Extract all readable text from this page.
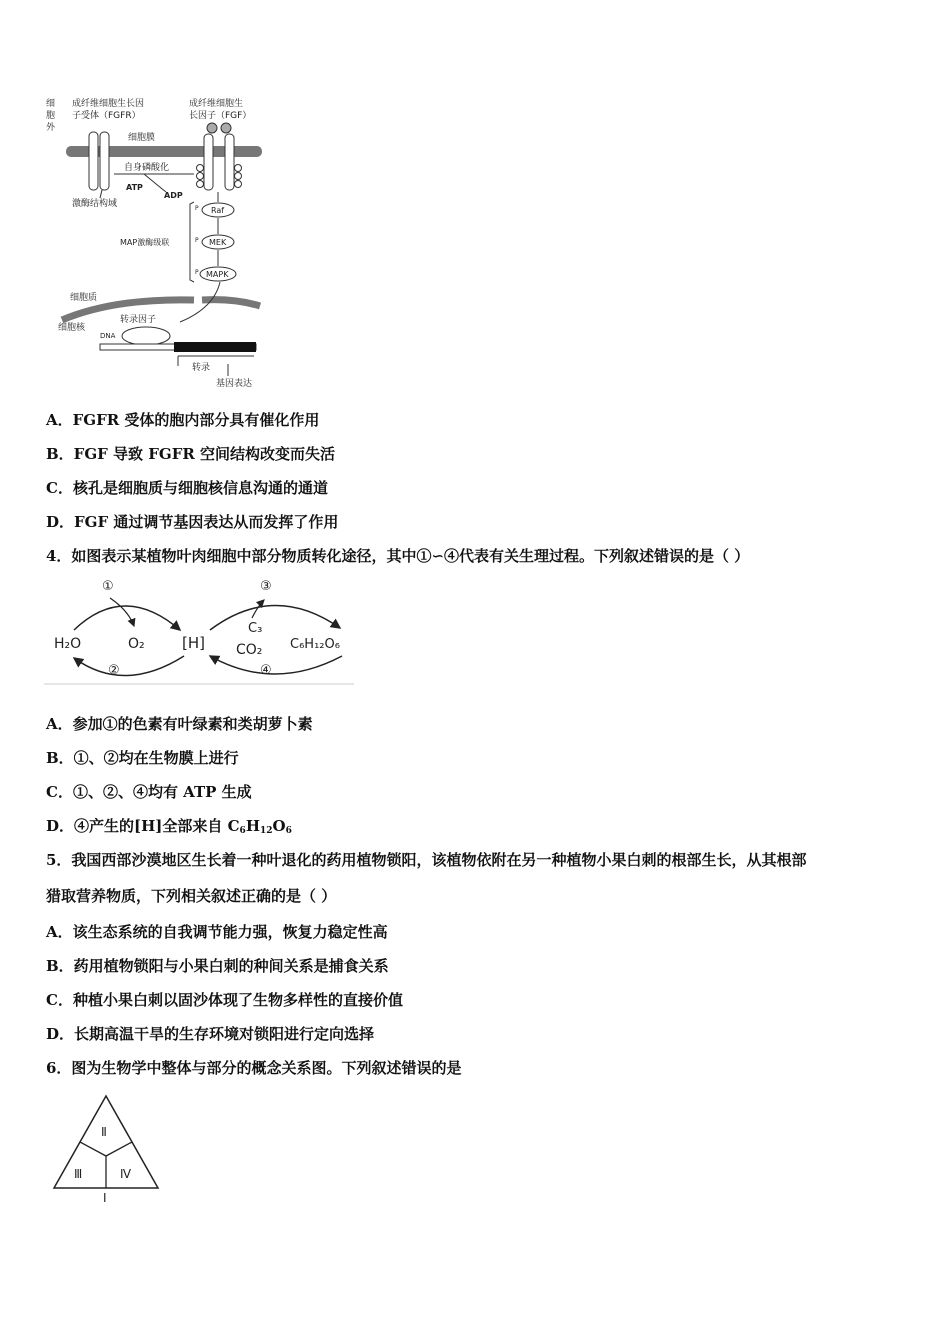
细
胞
外
成纤维细胞生长因
子受体（FGFR）
成纤维细胞生
长因子（FGF）
细胞膜
自身磷酸化
ATP
ADP
激酶结构域
Raf
MEK
MAPK
P
P
P
MAP激酶级联
细胞质
细胞核
转录因子
DNA
转录
基因表达
A．FGFR 受体的胞内部分具有催化作用
B．FGF 导致 FGFR 空间结构改变而失活
C．核孔是细胞质与细胞核信息沟通的通道
D．FGF 通过调节基因表达从而发挥了作用
4．如图表示某植物叶肉细胞中部分物质转化途径，其中①∽④代表有关生理过程。下列叙述错误的是（ ）
①	③
H₂O	O₂ [H]
C₃
CO₂ C₆H₁₂O₆
②	④
A．参加①的色素有叶绿素和类胡萝卜素
B．①、②均在生物膜上进行
C．①、②、④均有 ATP 生成
D．④产生的[H]全部来自 $C_6H_{12}O_6$
5．我国西部沙漠地区生长着一种叶退化的药用植物锁阳，该植物依附在另一种植物小果白刺的根部生长，从其根部
猎取营养物质，下列相关叙述正确的是（ ）
A．该生态系统的自我调节能力强，恢复力稳定性高
B．药用植物锁阳与小果白刺的种间关系是捕食关系
C．种植小果白刺以固沙体现了生物多样性的直接价值
D．长期高温干旱的生存环境对锁阳进行定向选择
6．图为生物学中整体与部分的概念关系图。下列叙述错误的是
Ⅱ
Ⅲ	Ⅳ
Ⅰ
